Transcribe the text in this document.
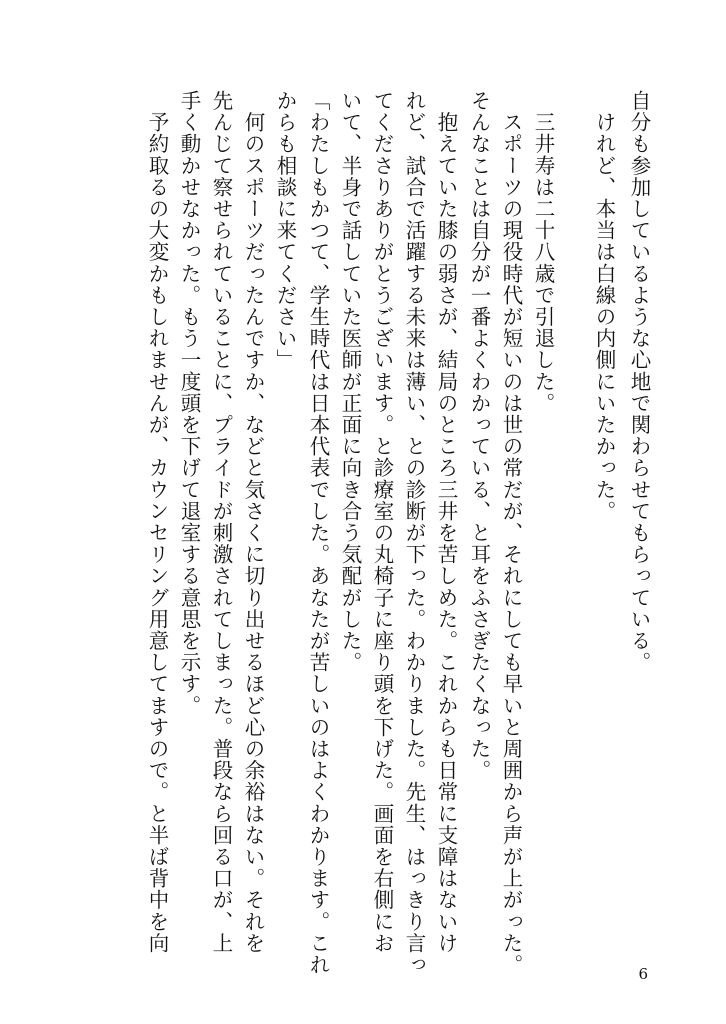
自分も参加しているような心地で関わらせてもらっている。
　けれど、本当は白線の内側にいたかった。
　三井寿は二十八歳で引退した。
　スポーツの現役時代が短いのは世の常だが、それにしても早いと周囲から声が上がった。
そんなことは自分が一番よくわかっている、と耳をふさぎたくなった。
　抱えていた膝の弱さが、結局のところ三井を苦しめた。これからも日常に支障はないけ
れど、試合で活躍する未来は薄い、との診断が下った。わかりました。先生、はっきり言っ
てくださりありがとうございます。と診療室の丸椅子に座り頭を下げた。画面を右側にお
いて、半身で話していた医師が正面に向き合う気配がした。
「わたしもかつて、学生時代は日本代表でした。あなたが苦しいのはよくわかります。これ
からも相談に来てください」
　何のスポーツだったんですか、などと気さくに切り出せるほど心の余裕はない。それを
先んじて察せられていることに、プライドが刺激されてしまった。普段なら回る口が、上
手く動かせなかった。もう一度頭を下げて退室する意思を示す。
　予約取るの大変かもしれませんが、カウンセリング用意してますので。と半ば背中を向
6
